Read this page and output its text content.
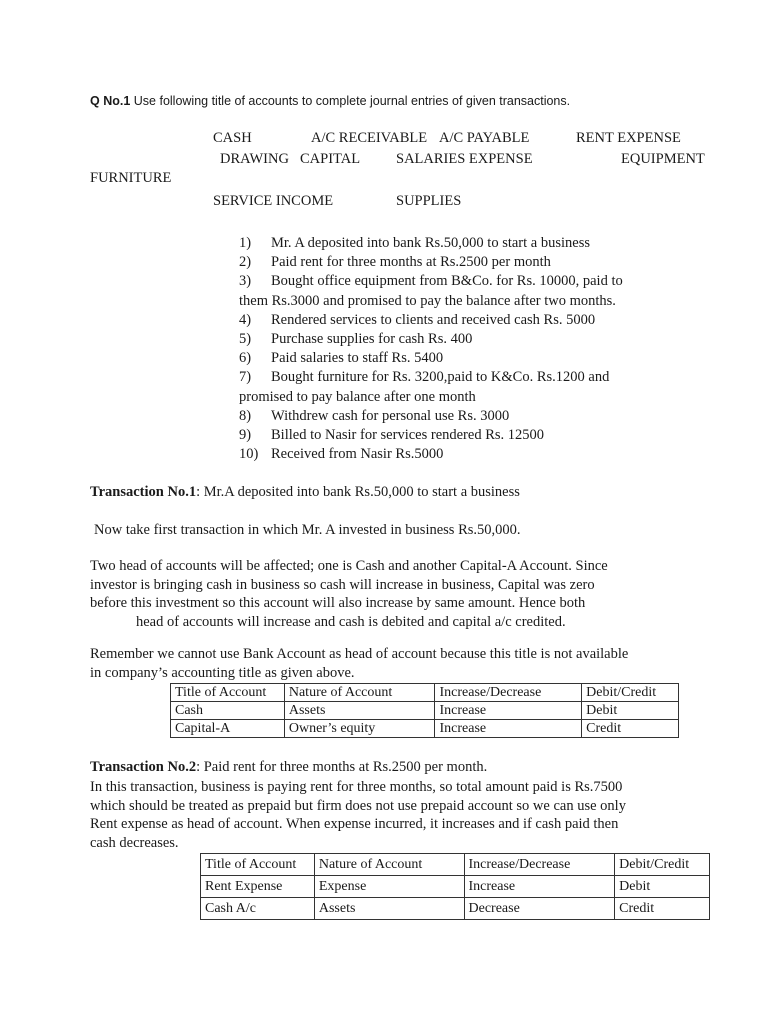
Q No.1 Use following title of accounts to complete journal entries of given transactions.
CASH	A/C RECEIVABLE A/C PAYABLE	RENT EXPENSE
DRAWING CAPITAL SALARIES EXPENSE	EQUIPMENT
FURNITURE
SERVICE INCOME	SUPPLIES
1) Mr. A deposited into bank Rs.50,000 to start a business
2) Paid rent for three months at Rs.2500 per month
3) Bought office equipment from B&Co. for Rs. 10000, paid to
them Rs.3000 and promised to pay the balance after two months.
4) Rendered services to clients and received cash Rs. 5000
5) Purchase supplies for cash Rs. 400
6) Paid salaries to staff Rs. 5400
7) Bought furniture for Rs. 3200,paid to K&Co. Rs.1200 and
promised to pay balance after one month
8) Withdrew cash for personal use Rs. 3000
9) Billed to Nasir for services rendered Rs. 12500
10) Received from Nasir Rs.5000
Transaction No.1: Mr.A deposited into bank Rs.50,000 to start a business
Now take first transaction in which Mr. A invested in business Rs.50,000.
Two head of accounts will be affected; one is Cash and another Capital-A Account. Since
investor is bringing cash in business so cash will increase in business, Capital was zero
before this investment so this account will also increase by same amount. Hence both
head of accounts will increase and cash is debited and capital a/c credited.
Remember we cannot use Bank Account as head of account because this title is not available
in company’s accounting title as given above.
Title of Account	Nature of Account	Increase/Decrease	Debit/Credit
Cash	Assets	Increase	Debit
Capital-A	Owner’s equity	Increase	Credit
Transaction No.2: Paid rent for three months at Rs.2500 per month.
In this transaction, business is paying rent for three months, so total amount paid is Rs.7500
which should be treated as prepaid but firm does not use prepaid account so we can use only
Rent expense as head of account. When expense incurred, it increases and if cash paid then
cash decreases.
Title of Account	Nature of Account	Increase/Decrease	Debit/Credit
Rent Expense	Expense	Increase	Debit
Cash A/c	Assets	Decrease	Credit
